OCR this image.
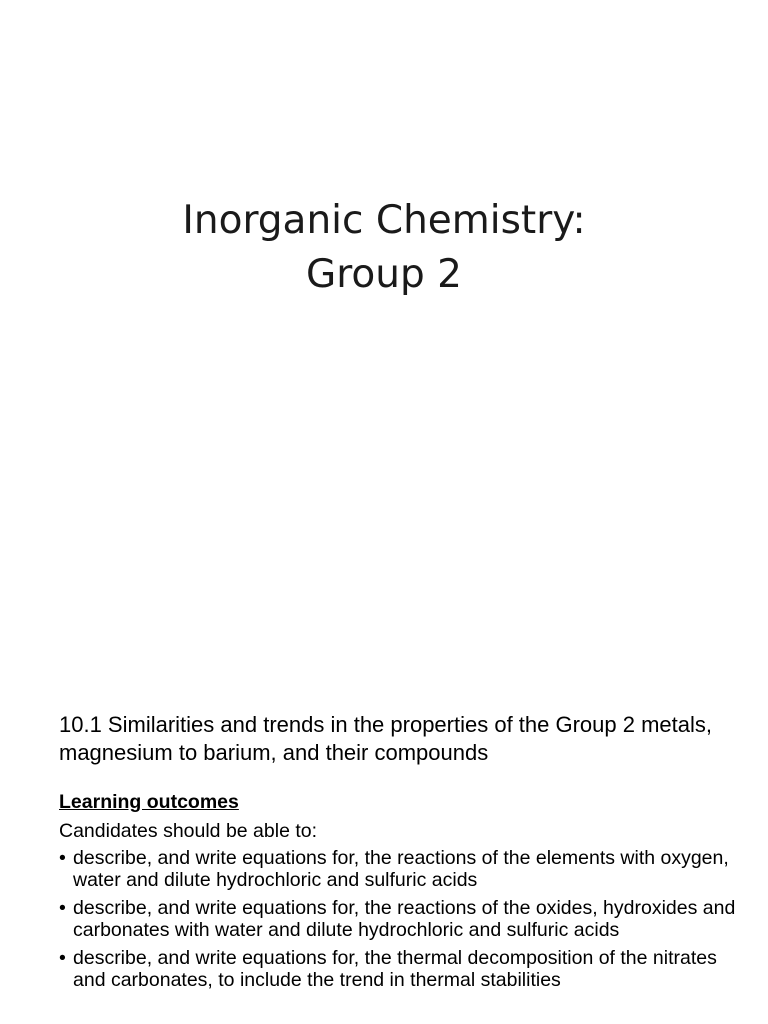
Inorganic Chemistry:
Group 2

10.1 Similarities and trends in the properties of the Group 2 metals, magnesium to barium, and their compounds

Learning outcomes
Candidates should be able to:
• describe, and write equations for, the reactions of the elements with oxygen, water and dilute hydrochloric and sulfuric acids
• describe, and write equations for, the reactions of the oxides, hydroxides and carbonates with water and dilute hydrochloric and sulfuric acids
• describe, and write equations for, the thermal decomposition of the nitrates and carbonates, to include the trend in thermal stabilities
